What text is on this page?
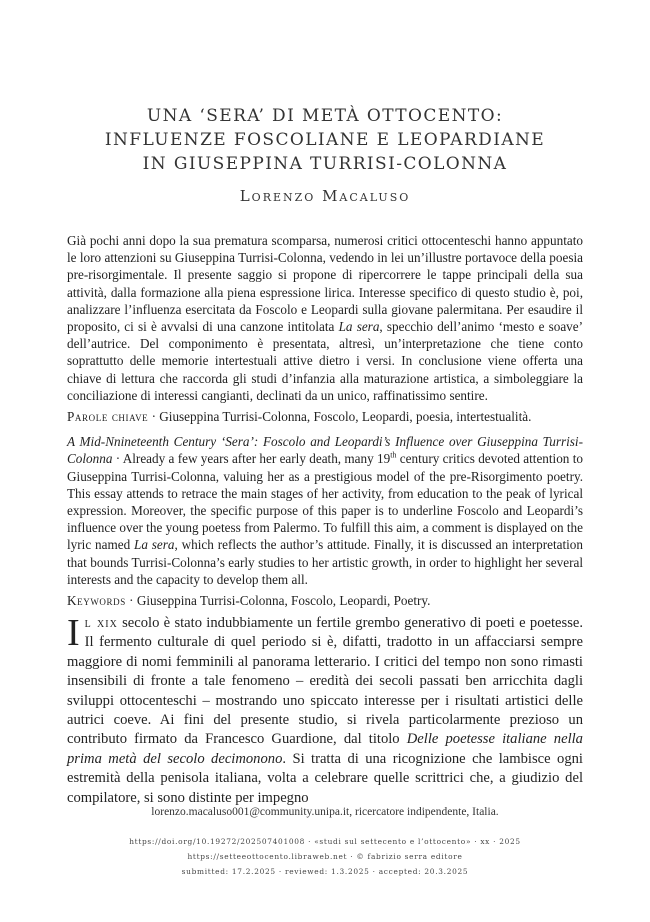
UNA ‘SERA’ DI METÀ OTTOCENTO:
INFLUENZE FOSCOLIANE E LEOPARDIANE
IN GIUSEPPINA TURRISI-COLONNA
Lorenzo Macaluso

Già pochi anni dopo la sua prematura scomparsa, numerosi critici ottocenteschi hanno appuntato le loro attenzioni su Giuseppina Turrisi-Colonna, vedendo in lei un’illustre portavoce della poesia pre-risorgimentale. Il presente saggio si propone di ripercorrere le tappe principali della sua attività, dalla formazione alla piena espressione lirica. Interesse specifico di questo studio è, poi, analizzare l’influenza esercitata da Foscolo e Leopardi sulla giovane palermitana. Per esaudire il proposito, ci si è avvalsi di una canzone intitolata La sera, specchio dell’animo ‘mesto e soave’ dell’autrice. Del componimento è presentata, altresì, un’interpretazione che tiene conto soprattutto delle memorie intertestuali attive dietro i versi. In conclusione viene offerta una chiave di lettura che raccorda gli studi d’infanzia alla maturazione artistica, a simboleggiare la conciliazione di interessi cangianti, declinati da un unico, raffinatissimo sentire.

Parole chiave · Giuseppina Turrisi-Colonna, Foscolo, Leopardi, poesia, intertestualità.

A Mid-Nnineteenth Century ‘Sera’: Foscolo and Leopardi’s Influence over Giuseppina Turrisi-Colonna · Already a few years after her early death, many 19th century critics devoted attention to Giuseppina Turrisi-Colonna, valuing her as a prestigious model of the pre-Risorgimento poetry. This essay attends to retrace the main stages of her activity, from education to the peak of lyrical expression. Moreover, the specific purpose of this paper is to underline Foscolo and Leopardi’s influence over the young poetess from Palermo. To fulfill this aim, a comment is displayed on the lyric named La sera, which reflects the author’s attitude. Finally, it is discussed an interpretation that bounds Turrisi-Colonna’s early studies to her artistic growth, in order to highlight her several interests and the capacity to develop them all.

Keywords · Giuseppina Turrisi-Colonna, Foscolo, Leopardi, Poetry.

Il xix secolo è stato indubbiamente un fertile grembo generativo di poeti e poetesse. Il fermento culturale di quel periodo si è, difatti, tradotto in un affacciarsi sempre maggiore di nomi femminili al panorama letterario. I critici del tempo non sono rimasti insensibili di fronte a tale fenomeno – eredità dei secoli passati ben arricchita dagli sviluppi ottocenteschi – mostrando uno spiccato interesse per i risultati artistici delle autrici coeve. Ai fini del presente studio, si rivela particolarmente prezioso un contributo firmato da Francesco Guardione, dal titolo Delle poetesse italiane nella prima metà del secolo decimonono. Si tratta di una ricognizione che lambisce ogni estremità della penisola italiana, volta a celebrare quelle scrittrici che, a giudizio del compilatore, si sono distinte per impegno

lorenzo.macaluso001@community.unipa.it, ricercatore indipendente, Italia.
https://doi.org/10.19272/202507401008 · «studi sul settecento e l’ottocento» · xx · 2025
https://setteeottocento.libraweb.net · © fabrizio serra editore
submitted: 17.2.2025 · reviewed: 1.3.2025 · accepted: 20.3.2025
